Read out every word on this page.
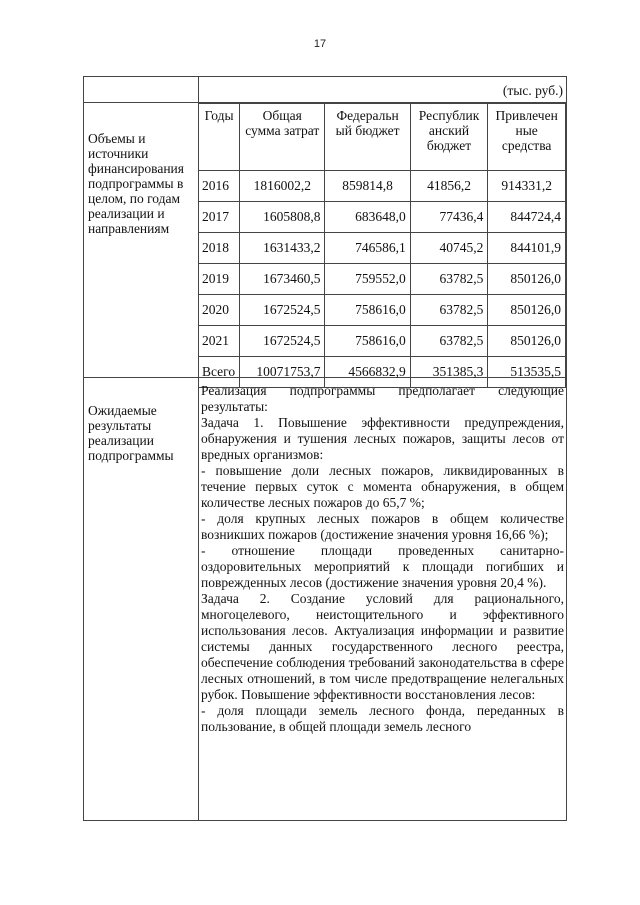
17
(тыс. руб.)
Объемы и источники финансирования подпрограммы в целом, по годам реализации и направлениям
Годы	Общая сумма затрат	Федеральн ый бюджет	Республик анский бюджет	Привлечен ные средства
2016	1816002,2	859814,8	41856,2	914331,2
2017	1605808,8	683648,0	77436,4	844724,4
2018	1631433,2	746586,1	40745,2	844101,9
2019	1673460,5	759552,0	63782,5	850126,0
2020	1672524,5	758616,0	63782,5	850126,0
2021	1672524,5	758616,0	63782,5	850126,0
Всего	10071753,7	4566832,9	351385,3	513535,5
Ожидаемые результаты реализации подпрограммы

Реализация подпрограммы предполагает следующие результаты:

Задача 1. Повышение эффективности предупреждения, обнаружения и тушения лесных пожаров, защиты лесов от вредных организмов:

- повышение доли лесных пожаров, ликвидированных в течение первых суток с момента обнаружения, в общем количестве лесных пожаров до 65,7 %;

- доля крупных лесных пожаров в общем количестве возникших пожаров (достижение значения уровня 16,66 %);

- отношение площади проведенных санитарно-оздоровительных мероприятий к площади погибших и поврежденных лесов (достижение значения уровня 20,4 %).

Задача 2. Создание условий для рационального, многоцелевого, неистощительного и эффективного использования лесов. Актуализация информации и развитие системы данных государственного лесного реестра, обеспечение соблюдения требований законодательства в сфере лесных отношений, в том числе предотвращение нелегальных рубок. Повышение эффективности восстановления лесов:

- доля площади земель лесного фонда, переданных в пользование, в общей площади земель лесного
